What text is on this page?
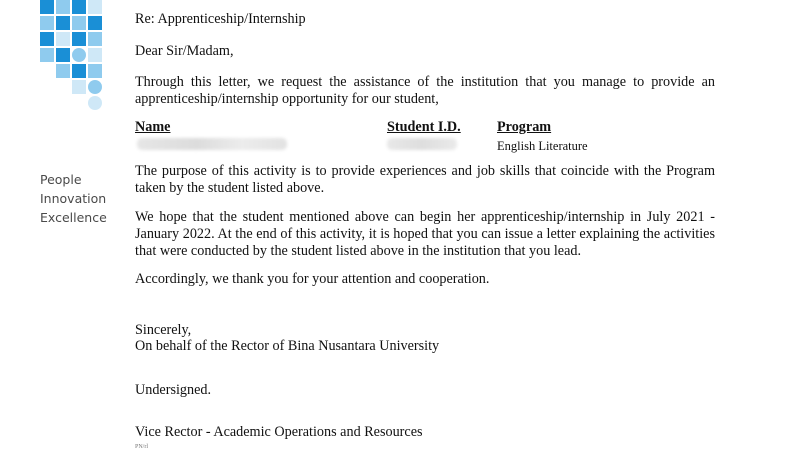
People
Innovation
Excellence
Re: Apprenticeship/Internship
Dear Sir/Madam,

Through this letter, we request the assistance of the institution that you manage to provide an apprenticeship/internship opportunity for our student,

Name	Student I.D.	Program
English Literature

The purpose of this activity is to provide experiences and job skills that coincide with the Program taken by the student listed above.

We hope that the student mentioned above can begin her apprenticeship/internship in July 2021 - January 2022. At the end of this activity, it is hoped that you can issue a letter explaining the activities that were conducted by the student listed above in the institution that you lead.

Accordingly, we thank you for your attention and cooperation.

Sincerely,
On behalf of the Rector of Bina Nusantara University
Undersigned.
Vice Rector - Academic Operations and Resources
PN/rl
